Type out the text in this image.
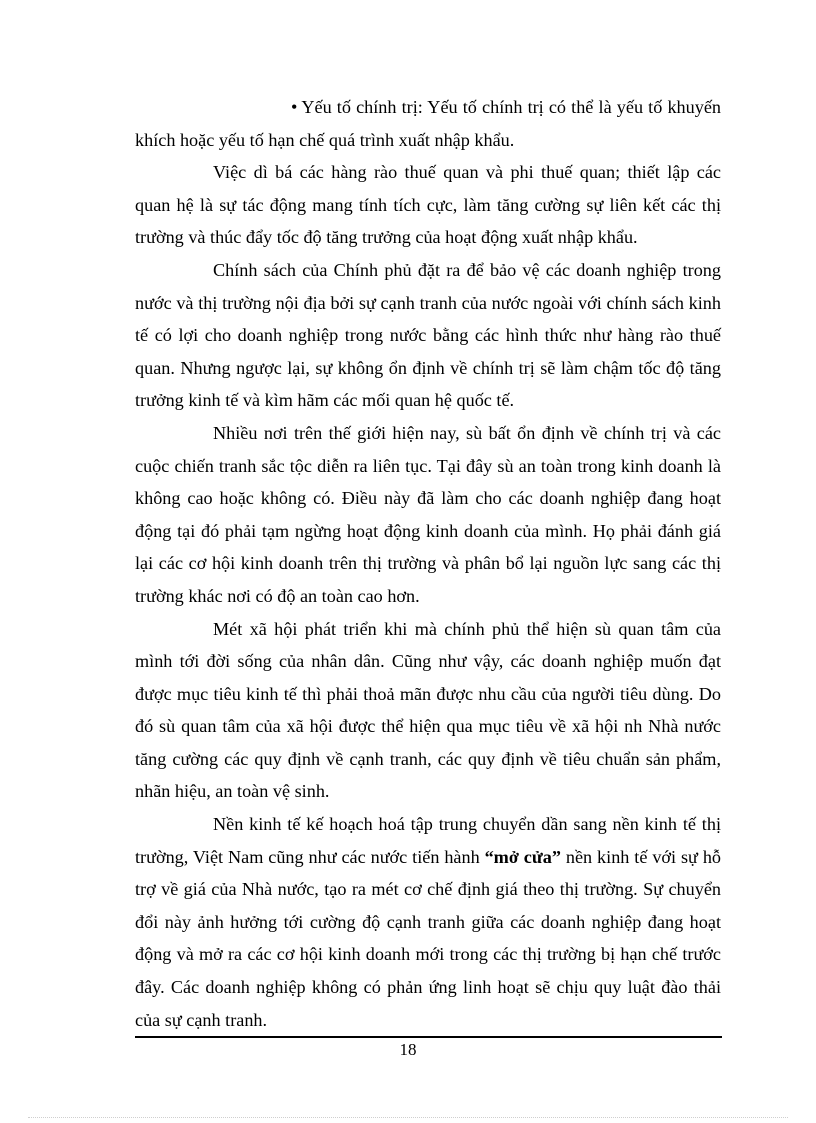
• Yếu tố chính trị: Yếu tố chính trị có thể là yếu tố khuyến khích hoặc yếu tố hạn chế quá trình xuất nhập khẩu.

Việc dì bá các hàng rào thuế quan và phi thuế quan; thiết lập các quan hệ là sự tác động mang tính tích cực, làm tăng cường sự liên kết các thị trường và thúc đẩy tốc độ tăng trưởng của hoạt động xuất nhập khẩu.

Chính sách của Chính phủ đặt ra để bảo vệ các doanh nghiệp trong nước và thị trường nội địa bởi sự cạnh tranh của nước ngoài với chính sách kinh tế có lợi cho doanh nghiệp trong nước bằng các hình thức như hàng rào thuế quan. Nhưng ngược lại, sự không ổn định về chính trị sẽ làm chậm tốc độ tăng trưởng kinh tế và kìm hãm các mối quan hệ quốc tế.

Nhiều nơi trên thế giới hiện nay, sù bất ổn định về chính trị và các cuộc chiến tranh sắc tộc diễn ra liên tục. Tại đây sù an toàn trong kinh doanh là không cao hoặc không có. Điều này đã làm cho các doanh nghiệp đang hoạt động tại đó phải tạm ngừng hoạt động kinh doanh của mình. Họ phải đánh giá lại các cơ hội kinh doanh trên thị trường và phân bổ lại nguồn lực sang các thị trường khác nơi có độ an toàn cao hơn.

Mét xã hội phát triển khi mà chính phủ thể hiện sù quan tâm của mình tới đời sống của nhân dân. Cũng như vậy, các doanh nghiệp muốn đạt được mục tiêu kinh tế thì phải thoả mãn được nhu cầu của người tiêu dùng. Do đó sù quan tâm của xã hội được thể hiện qua mục tiêu về xã hội nh Nhà nước tăng cường các quy định về cạnh tranh, các quy định về tiêu chuẩn sản phẩm, nhãn hiệu, an toàn vệ sinh.

Nền kinh tế kế hoạch hoá tập trung chuyển dần sang nền kinh tế thị trường, Việt Nam cũng như các nước tiến hành “mở cửa” nền kinh tế với sự hỗ trợ về giá của Nhà nước, tạo ra mét cơ chế định giá theo thị trường. Sự chuyển đổi này ảnh hưởng tới cường độ cạnh tranh giữa các doanh nghiệp đang hoạt động và mở ra các cơ hội kinh doanh mới trong các thị trường bị hạn chế trước đây. Các doanh nghiệp không có phản ứng linh hoạt sẽ chịu quy luật đào thải của sự cạnh tranh.

18
